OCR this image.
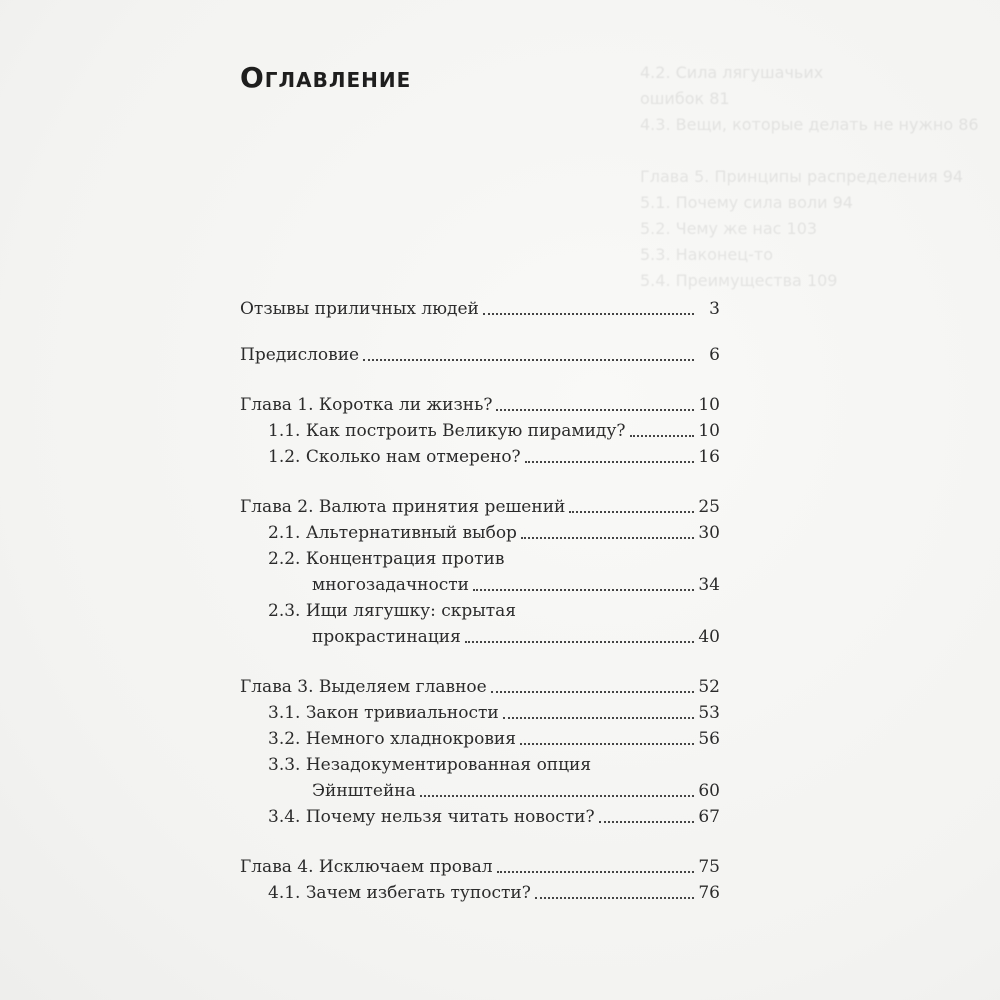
4.2. Сила лягушачьих
ошибок 81
4.3. Вещи, которые делать не нужно 86

Глава 5. Принципы распределения 94
5.1. Почему сила воли 94
5.2. Чему же нас 103
5.3. Наконец-то
5.4. Преимущества 109
Оглавление
Отзывы приличных людей	3
Предисловие	6
Глава 1. Коротка ли жизнь?	10
1.1. Как построить Великую пирамиду?	10
1.2. Сколько нам отмерено?	16
Глава 2. Валюта принятия решений	25
2.1. Альтернативный выбор	30
2.2. Концентрация против
многозадачности	34
2.3. Ищи лягушку: скрытая
прокрастинация	40
Глава 3. Выделяем главное	52
3.1. Закон тривиальности	53
3.2. Немного хладнокровия	56
3.3. Незадокументированная опция
Эйнштейна	60
3.4. Почему нельзя читать новости?	67
Глава 4. Исключаем провал	75
4.1. Зачем избегать тупости?	76
